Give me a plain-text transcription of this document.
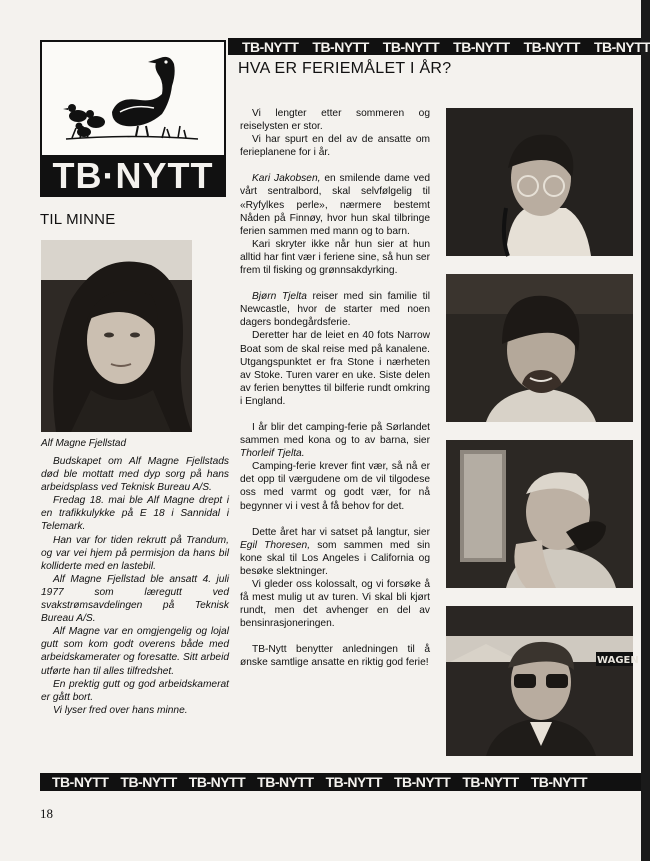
TB-NYTT TB-NYTT TB-NYTT TB-NYTT TB-NYTT TB-NYTT
TB·NYTT
HVA ER FERIEMÅLET I ÅR?
TIL MINNE
Alf Magne Fjellstad

Budskapet om Alf Magne Fjellstads død ble mottatt med dyp sorg på hans arbeidsplass ved Teknisk Bureau A/S.

Fredag 18. mai ble Alf Magne drept i en trafikkulykke på E 18 i Sannidal i Telemark.

Han var for tiden rekrutt på Trandum, og var vei hjem på permisjon da hans bil kolliderte med en lastebil.

Alf Magne Fjellstad ble ansatt 4. juli 1977 som læregutt ved svakstrømsavdelingen på Teknisk Bureau A/S.

Alf Magne var en omgjengelig og lojal gutt som kom godt overens både med arbeidskamerater og foresatte. Sitt arbeid utførte han til alles tilfredshet.

En prektig gutt og god arbeidskamerat er gått bort.

Vi lyser fred over hans minne.

Vi lengter etter sommeren og reiselysten er stor.

Vi har spurt en del av de ansatte om ferieplanene for i år.

Kari Jakobsen, en smilende dame ved vårt sentralbord, skal selvfølgelig til «Ryfylkes perle», nærmere bestemt Nåden på Finnøy, hvor hun skal tilbringe ferien sammen med mann og to barn.

Kari skryter ikke når hun sier at hun alltid har fint vær i feriene sine, så hun ser frem til fisking og grønnsakdyrking.

Bjørn Tjelta reiser med sin familie til Newcastle, hvor de starter med noen dagers bondegårdsferie.

Deretter har de leiet en 40 fots Narrow Boat som de skal reise med på kanalene. Utgangspunktet er fra Stone i nærheten av Stoke. Turen varer en uke. Siste delen av ferien benyttes til bilferie rundt omkring i England.

I år blir det camping-ferie på Sørlandet sammen med kona og to av barna, sier Thorleif Tjelta.

Camping-ferie krever fint vær, så nå er det opp til værgudene om de vil tilgodese oss med varmt og godt vær, for nå begynner vi i vest å få behov for det.

Dette året har vi satset på langtur, sier Egil Thoresen, som sammen med sin kone skal til Los Angeles i California og besøke slektninger.

Vi gleder oss kolossalt, og vi forsøke å få mest mulig ut av turen. Vi skal bli kjørt rundt, men det avhenger en del av bensinrasjoneringen.

TB-Nytt benytter anledningen til å ønske samtlige ansatte en riktig god ferie!	WAGEN
TB-NYTT TB-NYTT TB-NYTT TB-NYTT TB-NYTT TB-NYTT TB-NYTT TB-NYTT
18
